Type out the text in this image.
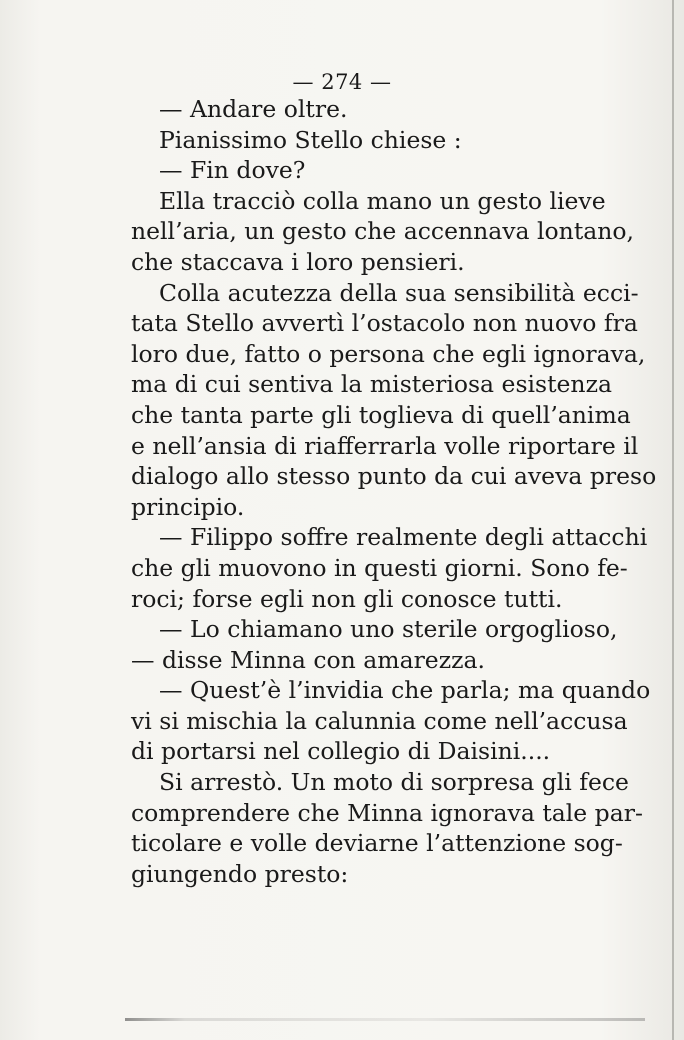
— 274 —
— Andare oltre.
Pianissimo Stello chiese :
— Fin dove?
Ella tracciò colla mano un gesto lieve
nell’aria, un gesto che accennava lontano,
che staccava i loro pensieri.
Colla acutezza della sua sensibilità ecci-
tata Stello avvertì l’ostacolo non nuovo fra
loro due, fatto o persona che egli ignorava,
ma di cui sentiva la misteriosa esistenza
che tanta parte gli toglieva di quell’anima
e nell’ansia di riafferrarla volle riportare il
dialogo allo stesso punto da cui aveva preso
principio.
— Filippo soffre realmente degli attacchi
che gli muovono in questi giorni. Sono fe-
roci; forse egli non gli conosce tutti.
— Lo chiamano uno sterile orgoglioso,
— disse Minna con amarezza.
— Quest’è l’invidia che parla; ma quando
vi si mischia la calunnia come nell’accusa
di portarsi nel collegio di Daisini....
Si arrestò. Un moto di sorpresa gli fece
comprendere che Minna ignorava tale par-
ticolare e volle deviarne l’attenzione sog-
giungendo presto:
